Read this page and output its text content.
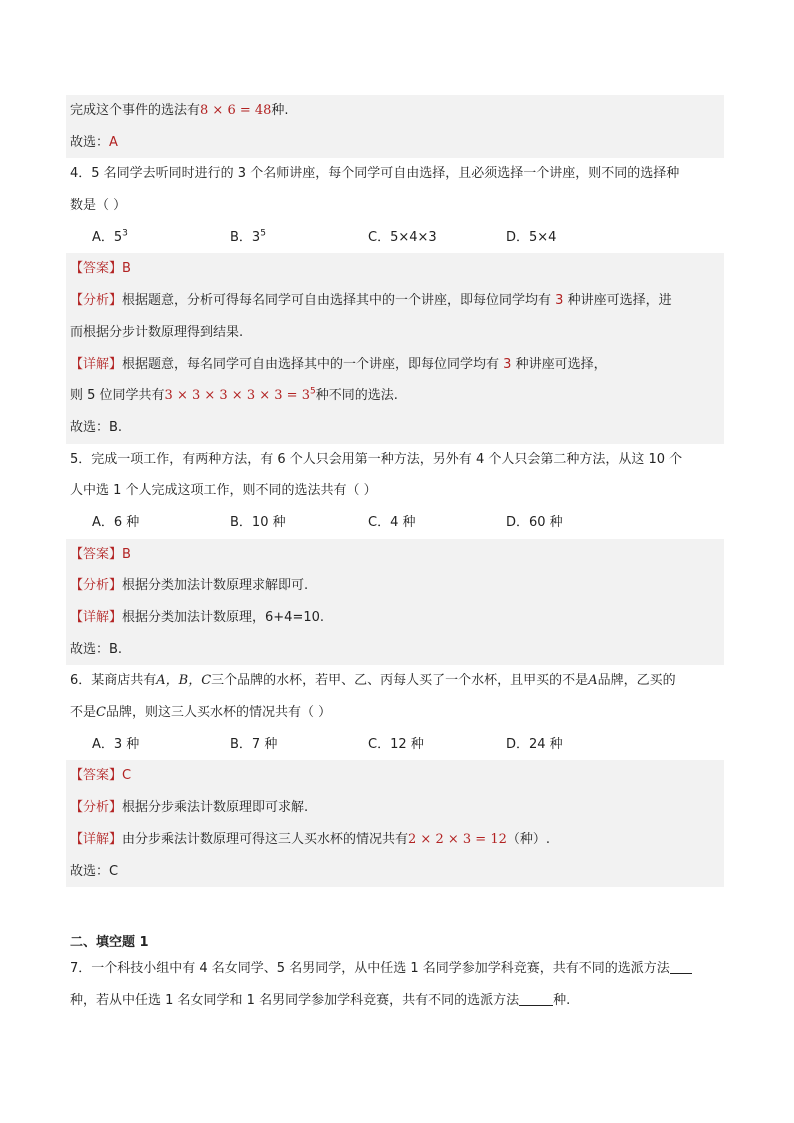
完成这个事件的选法有8 × 6 = 48种.
故选：A
4．5 名同学去听同时进行的 3 个名师讲座，每个同学可自由选择，且必须选择一个讲座，则不同的选择种
数是（ ）
A．$5^3$	B．$3^5$	C．5×4×3	D．5×4
【答案】B
【分析】根据题意，分析可得每名同学可自由选择其中的一个讲座，即每位同学均有 3 种讲座可选择，进
而根据分步计数原理得到结果.
【详解】根据题意，每名同学可自由选择其中的一个讲座，即每位同学均有 3 种讲座可选择，
则 5 位同学共有$3 \times 3 \times 3 \times 3 \times 3 = 3^5$种不同的选法.
故选：B.
5．完成一项工作，有两种方法，有 6 个人只会用第一种方法，另外有 4 个人只会第二种方法，从这 10 个
人中选 1 个人完成这项工作，则不同的选法共有（ ）
A．6 种	B．10 种	C．4 种	D．60 种
【答案】B
【分析】根据分类加法计数原理求解即可.
【详解】根据分类加法计数原理，6+4=10.
故选：B.
6．某商店共有A，B，C三个品牌的水杯，若甲、乙、丙每人买了一个水杯，且甲买的不是A品牌，乙买的
不是C品牌，则这三人买水杯的情况共有（ ）
A．3 种	B．7 种	C．12 种	D．24 种
【答案】C
【分析】根据分步乘法计数原理即可求解.
【详解】由分步乘法计数原理可得这三人买水杯的情况共有2 × 2 × 3 = 12（种）.
故选：C
二、填空题 1
7．一个科技小组中有 4 名女同学、5 名男同学，从中任选 1 名同学参加学科竞赛，共有不同的选派方法
种，若从中任选 1 名女同学和 1 名男同学参加学科竞赛，共有不同的选派方法	种.
